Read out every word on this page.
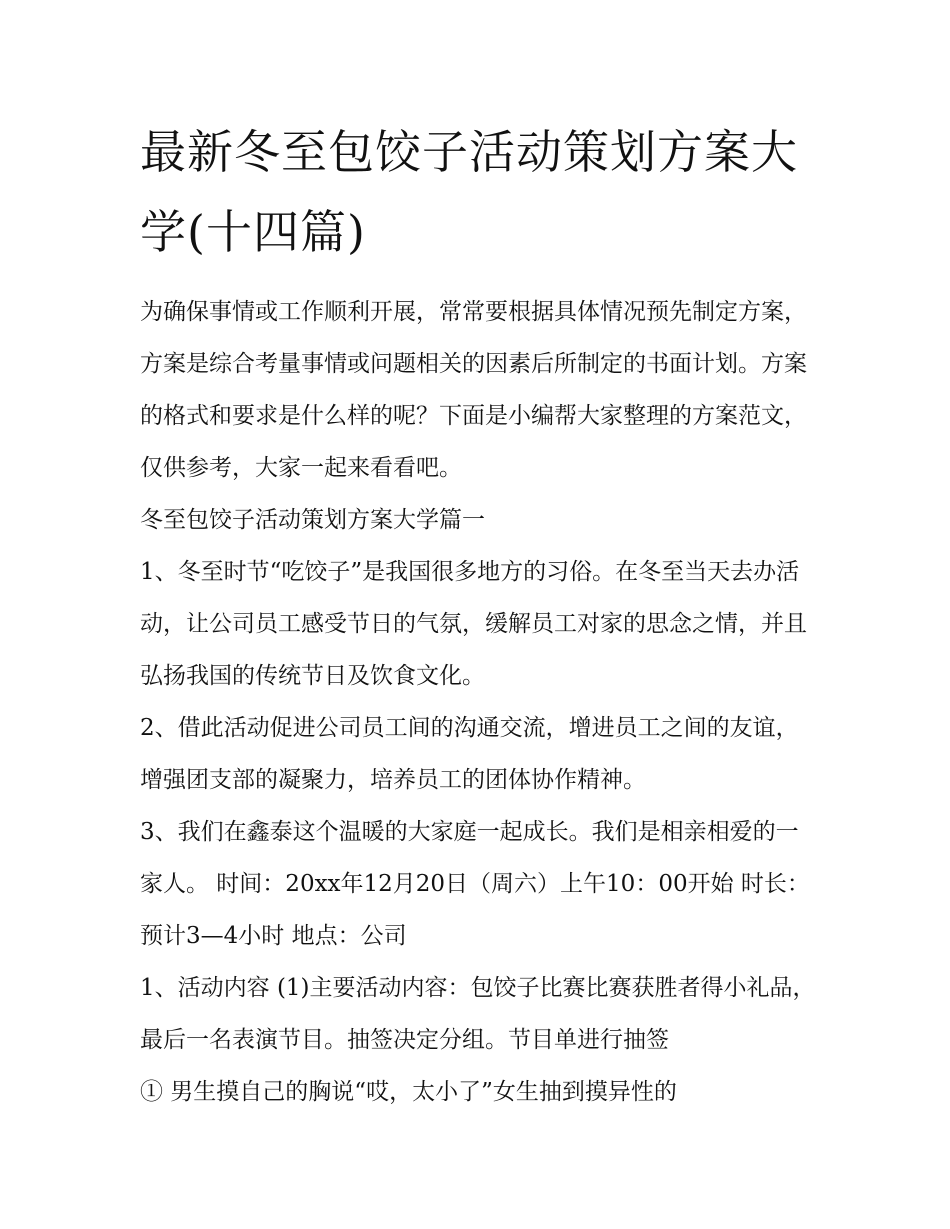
最新冬至包饺子活动策划方案大学(十四篇)

为确保事情或工作顺利开展，常常要根据具体情况预先制定方案，方案是综合考量事情或问题相关的因素后所制定的书面计划。方案的格式和要求是什么样的呢？下面是小编帮大家整理的方案范文，仅供参考，大家一起来看看吧。

冬至包饺子活动策划方案大学篇一

1、冬至时节“吃饺子”是我国很多地方的习俗。在冬至当天去办活动，让公司员工感受节日的气氛，缓解员工对家的思念之情，并且弘扬我国的传统节日及饮食文化。

2、借此活动促进公司员工间的沟通交流，增进员工之间的友谊，增强团支部的凝聚力，培养员工的团体协作精神。

3、我们在鑫泰这个温暖的大家庭一起成长。我们是相亲相爱的一家人。 时间：20xx年12月20日（周六）上午10：00开始 时长：预计3—4小时 地点：公司

1、活动内容 (1)主要活动内容：包饺子比赛比赛获胜者得小礼品，最后一名表演节目。抽签决定分组。节目单进行抽签

① 男生摸自己的胸说“哎，太小了”女生抽到摸异性的
